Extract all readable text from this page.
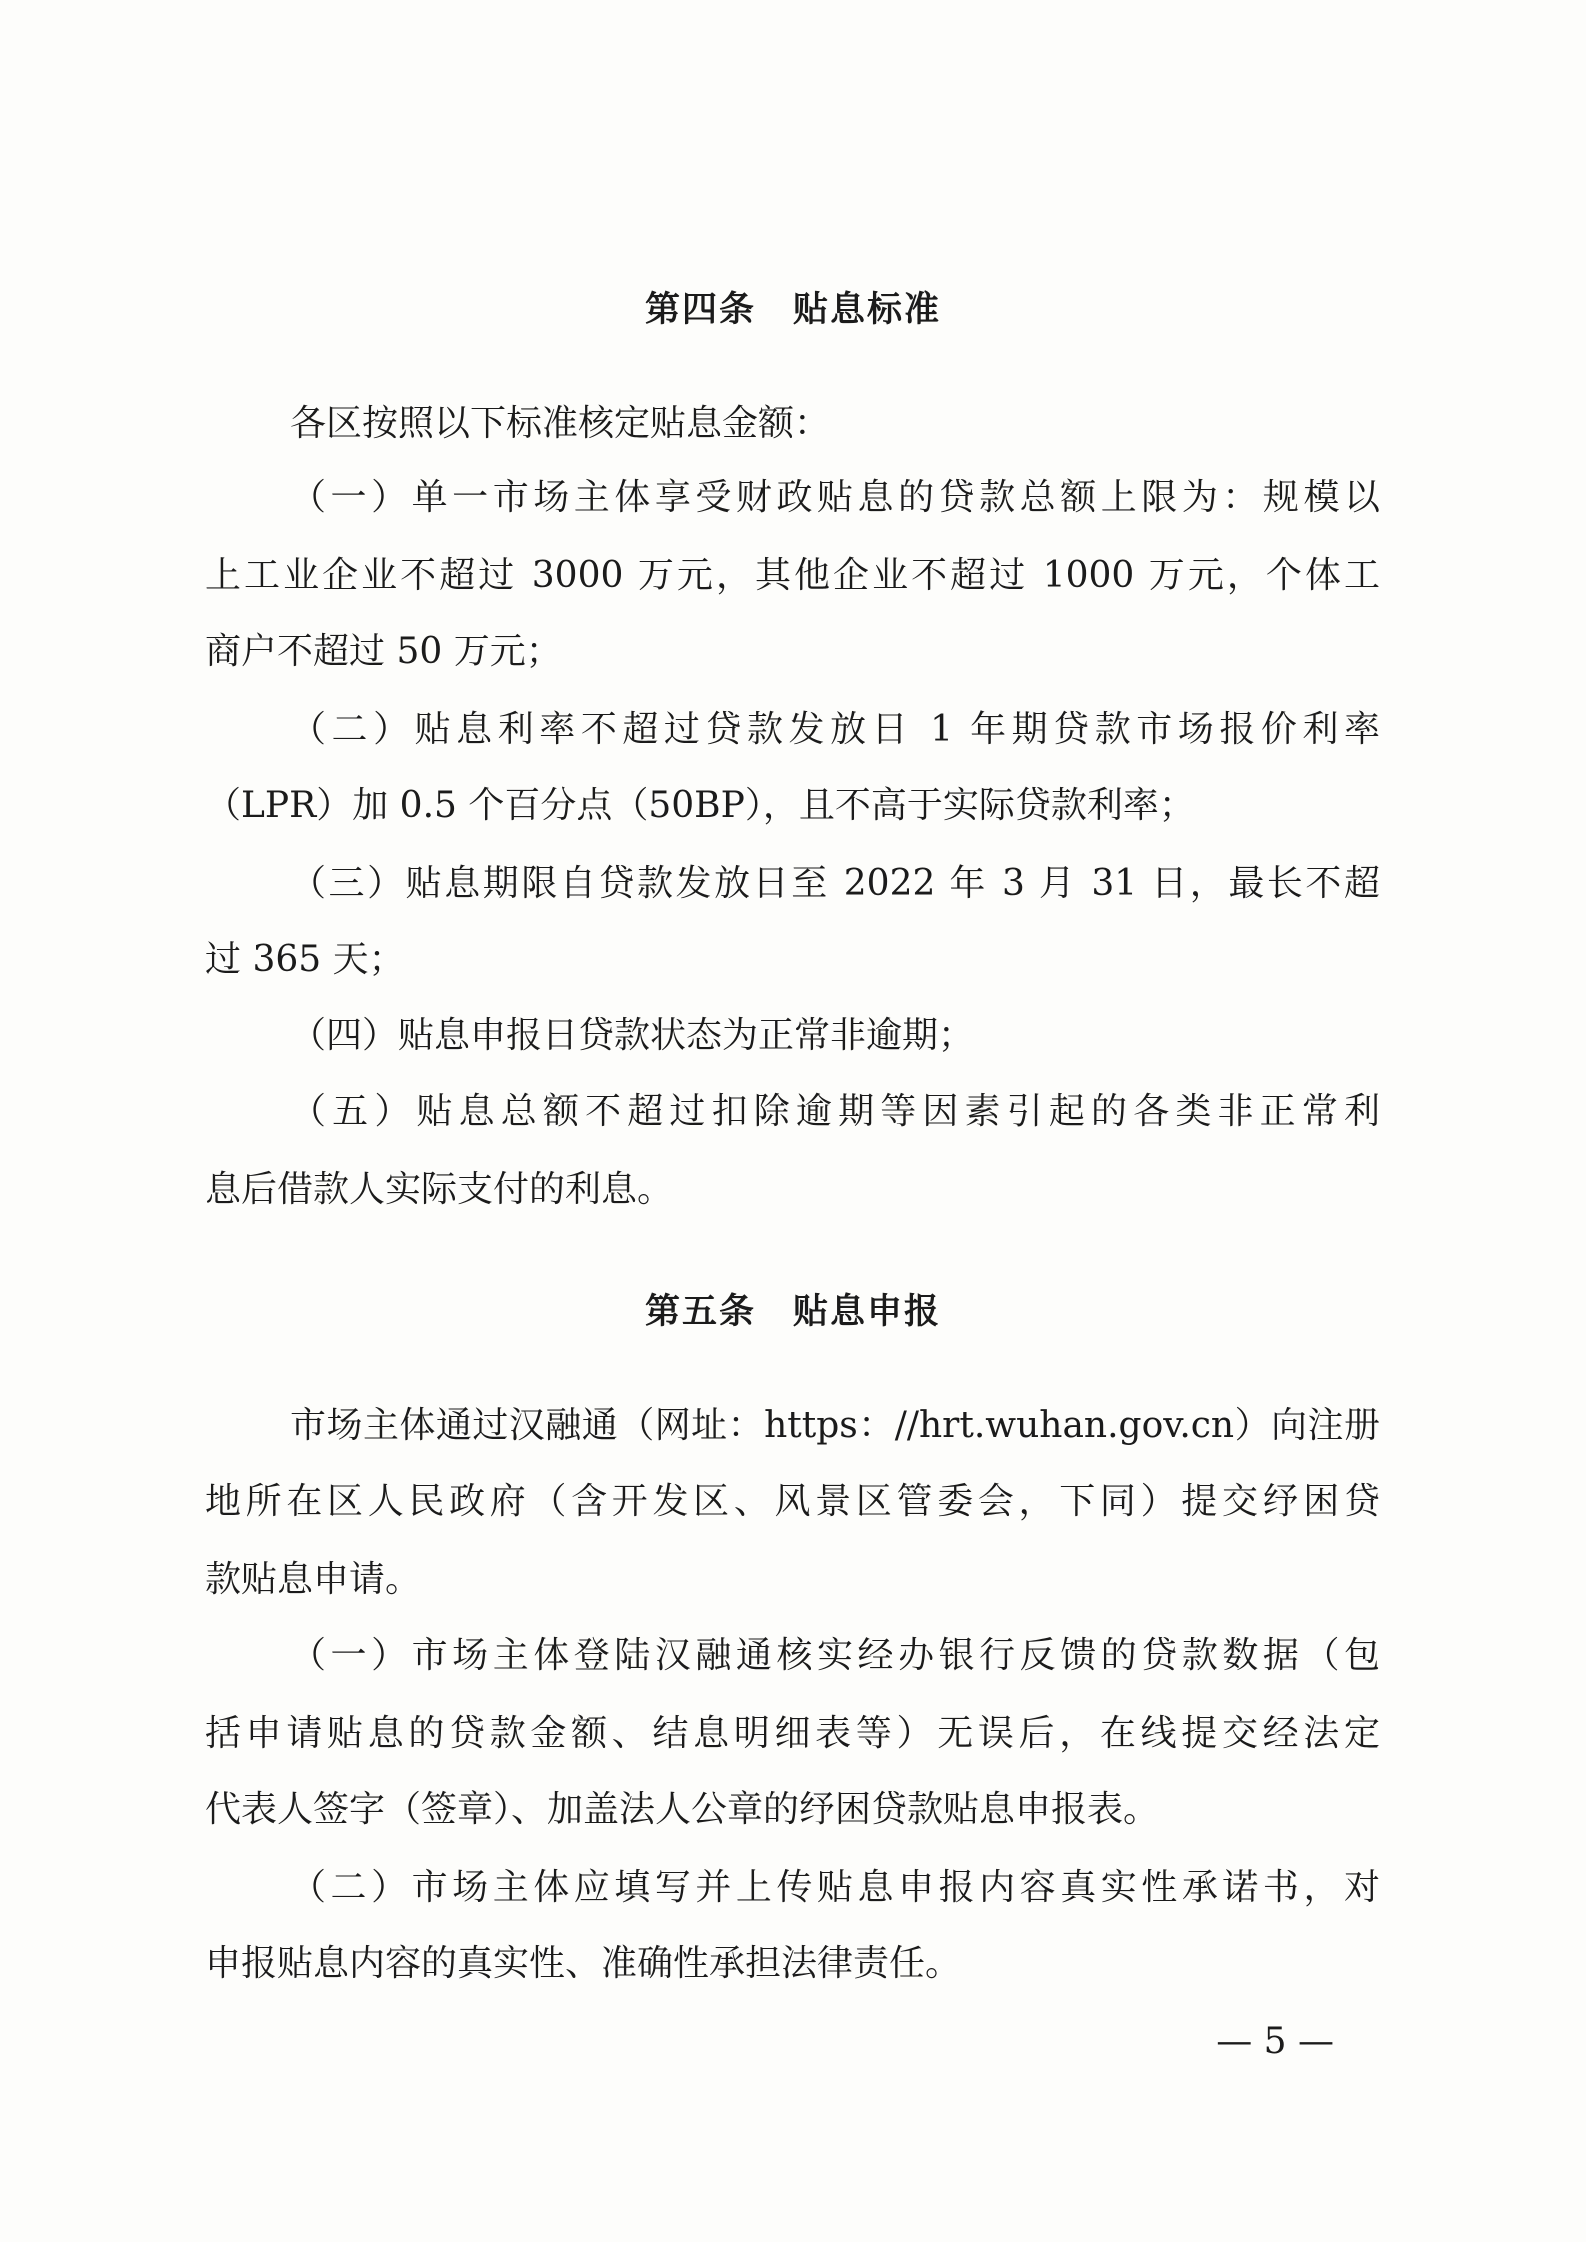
第四条　贴息标准
各区按照以下标准核定贴息金额：
（一）单一市场主体享受财政贴息的贷款总额上限为：规模以
上工业企业不超过 3000 万元，其他企业不超过 1000 万元，个体工
商户不超过 50 万元；
（二）贴息利率不超过贷款发放日 1 年期贷款市场报价利率
（LPR）加 0.5 个百分点（50BP），且不高于实际贷款利率；
（三）贴息期限自贷款发放日至 2022 年 3 月 31 日，最长不超
过 365 天；
（四）贴息申报日贷款状态为正常非逾期；
（五）贴息总额不超过扣除逾期等因素引起的各类非正常利
息后借款人实际支付的利息。
第五条　贴息申报
市场主体通过汉融通（网址：https：//hrt.wuhan.gov.cn）向注册
地所在区人民政府（含开发区、风景区管委会，下同）提交纾困贷
款贴息申请。
（一）市场主体登陆汉融通核实经办银行反馈的贷款数据（包
括申请贴息的贷款金额、结息明细表等）无误后，在线提交经法定
代表人签字（签章）、加盖法人公章的纾困贷款贴息申报表。
（二）市场主体应填写并上传贴息申报内容真实性承诺书，对
申报贴息内容的真实性、准确性承担法律责任。
— 5 —
